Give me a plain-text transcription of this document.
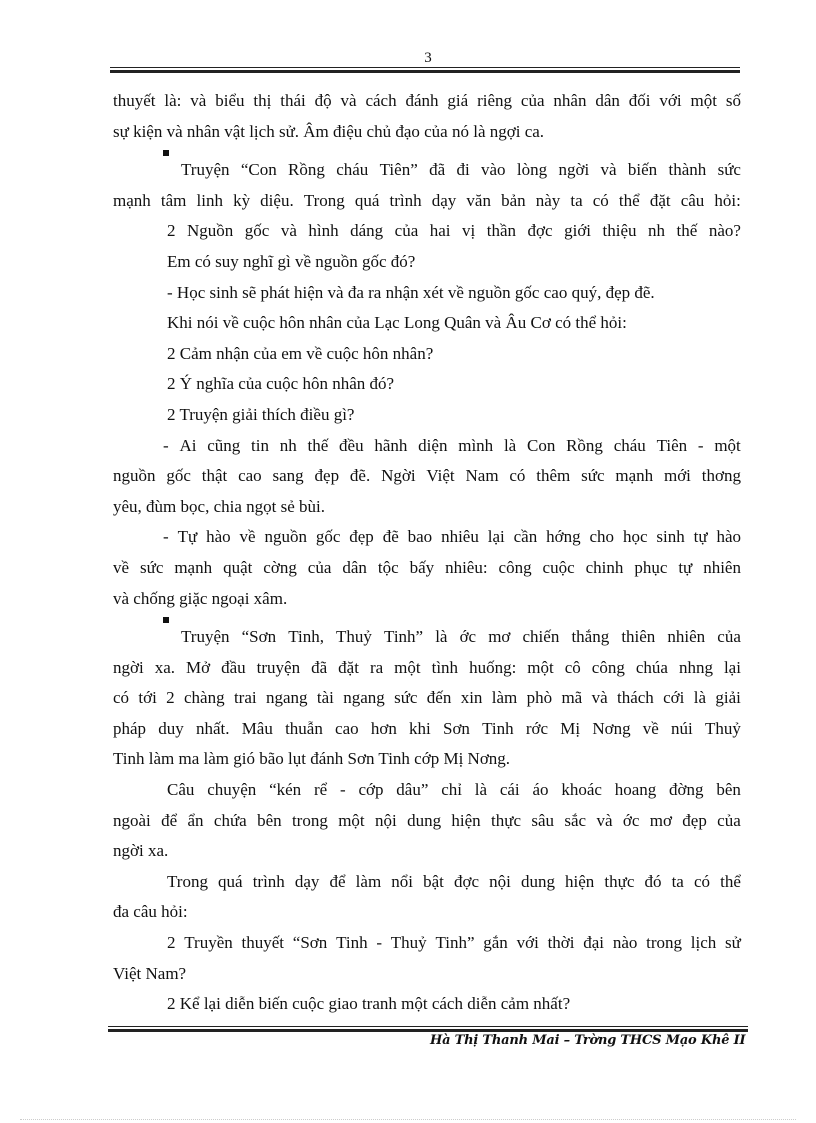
3
thuyết là: và biểu thị thái độ và cách đánh giá riêng của nhân dân đối với một số
sự kiện và nhân vật lịch sử. Âm điệu chủ đạo của nó là ngợi ca.
Truyện “Con Rồng cháu Tiên” đã đi vào lòng ngời và biến thành sức
mạnh tâm linh kỳ diệu. Trong quá trình dạy văn bản này ta có thể đặt câu hỏi:
2 Nguồn gốc và hình dáng của hai vị thần đợc giới thiệu nh thế nào?
Em có suy nghĩ gì về nguồn gốc đó?
- Học sinh sẽ phát hiện và đa ra nhận xét về nguồn gốc cao quý, đẹp đẽ.
Khi nói về cuộc hôn nhân của Lạc Long Quân và Âu Cơ có thể hỏi:
2 Cảm nhận của em về cuộc hôn nhân?
2 Ý nghĩa của cuộc hôn nhân đó?
2 Truyện giải thích điều gì?
- Ai cũng tin nh thế đều hãnh diện mình là Con Rồng cháu Tiên - một
nguồn gốc thật cao sang đẹp đẽ. Ngời Việt Nam có thêm sức mạnh mới thơng
yêu, đùm bọc, chia ngọt sẻ bùi.
- Tự hào về nguồn gốc đẹp đẽ bao nhiêu lại cần hớng cho học sinh tự hào
về sức mạnh quật cờng của dân tộc bấy nhiêu: công cuộc chinh phục tự nhiên
và chống giặc ngoại xâm.
Truyện “Sơn Tinh, Thuỷ Tinh” là ớc mơ chiến thắng thiên nhiên của
ngời xa. Mở đầu truyện đã đặt ra một tình huống: một cô công chúa nhng lại
có tới 2 chàng trai ngang tài ngang sức đến xin làm phò mã và thách cới là giải
pháp duy nhất. Mâu thuẫn cao hơn khi Sơn Tinh rớc Mị Nơng về núi Thuỷ
Tinh làm ma làm gió bão lụt đánh Sơn Tinh cớp Mị Nơng.
Câu chuyện “kén rể - cớp dâu” chỉ là cái áo khoác hoang đờng bên
ngoài để ẩn chứa bên trong một nội dung hiện thực sâu sắc và ớc mơ đẹp của
ngời xa.
Trong quá trình dạy để làm nổi bật đợc nội dung hiện thực đó ta có thể
đa câu hỏi:
2 Truyền thuyết “Sơn Tinh - Thuỷ Tinh” gắn với thời đại nào trong lịch sử
Việt Nam?
2 Kể lại diễn biến cuộc giao tranh một cách diễn cảm nhất?
Hà Thị Thanh Mai – Trờng THCS Mạo Khê II
